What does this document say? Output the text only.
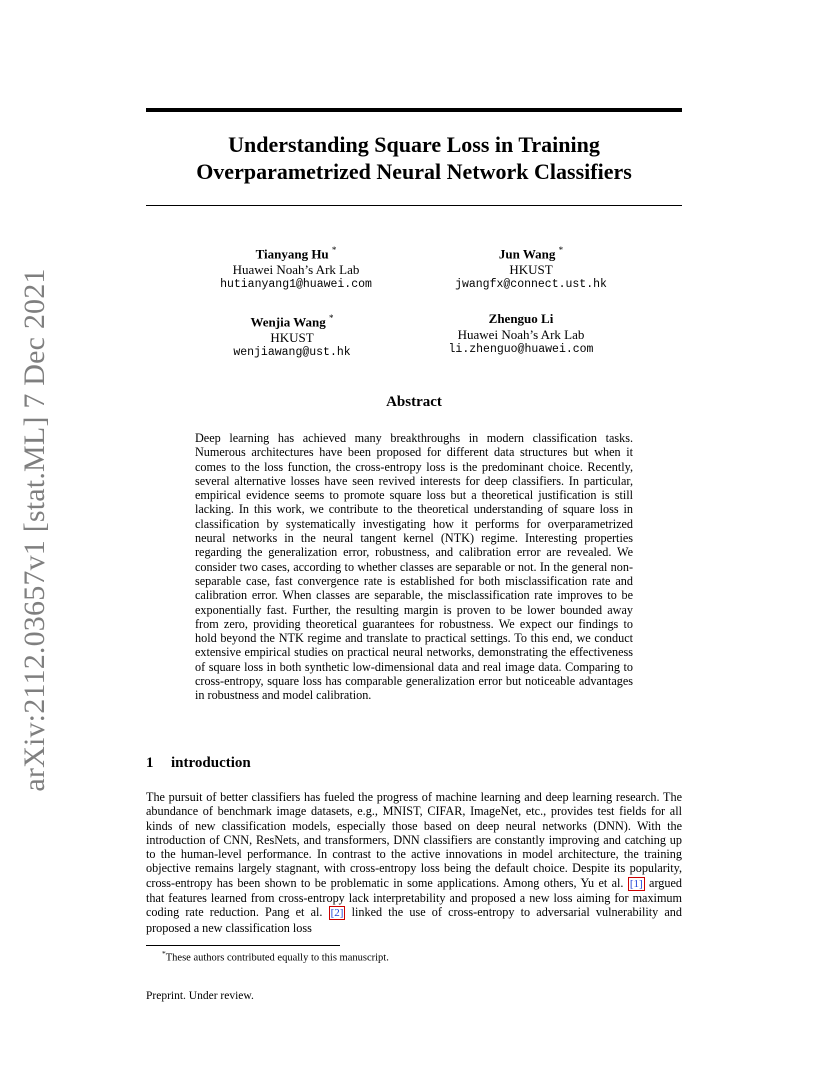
arXiv:2112.03657v1 [stat.ML] 7 Dec 2021
Understanding Square Loss in Training
Overparametrized Neural Network Classifiers
Tianyang Hu *
Huawei Noah’s Ark Lab
hutianyang1@huawei.com
Jun Wang *
HKUST
jwangfx@connect.ust.hk
Wenjia Wang *
HKUST
wenjiawang@ust.hk
Zhenguo Li
Huawei Noah’s Ark Lab
li.zhenguo@huawei.com
Abstract
Deep learning has achieved many breakthroughs in modern classification tasks. Numerous architectures have been proposed for different data structures but when it comes to the loss function, the cross-entropy loss is the predominant choice. Recently, several alternative losses have seen revived interests for deep classifiers. In particular, empirical evidence seems to promote square loss but a theoretical justification is still lacking. In this work, we contribute to the theoretical understanding of square loss in classification by systematically investigating how it performs for overparametrized neural networks in the neural tangent kernel (NTK) regime. Interesting properties regarding the generalization error, robustness, and calibration error are revealed. We consider two cases, according to whether classes are separable or not. In the general non-separable case, fast convergence rate is established for both misclassification rate and calibration error. When classes are separable, the misclassification rate improves to be exponentially fast. Further, the resulting margin is proven to be lower bounded away from zero, providing theoretical guarantees for robustness. We expect our findings to hold beyond the NTK regime and translate to practical settings. To this end, we conduct extensive empirical studies on practical neural networks, demonstrating the effectiveness of square loss in both synthetic low-dimensional data and real image data. Comparing to cross-entropy, square loss has comparable generalization error but noticeable advantages in robustness and model calibration.
1 introduction
The pursuit of better classifiers has fueled the progress of machine learning and deep learning research. The abundance of benchmark image datasets, e.g., MNIST, CIFAR, ImageNet, etc., provides test fields for all kinds of new classification models, especially those based on deep neural networks (DNN). With the introduction of CNN, ResNets, and transformers, DNN classifiers are constantly improving and catching up to the human-level performance. In contrast to the active innovations in model architecture, the training objective remains largely stagnant, with cross-entropy loss being the default choice. Despite its popularity, cross-entropy has been shown to be problematic in some applications. Among others, Yu et al. [1] argued that features learned from cross-entropy lack interpretability and proposed a new loss aiming for maximum coding rate reduction. Pang et al. [2] linked the use of cross-entropy to adversarial vulnerability and proposed a new classification loss
*These authors contributed equally to this manuscript.
Preprint. Under review.
